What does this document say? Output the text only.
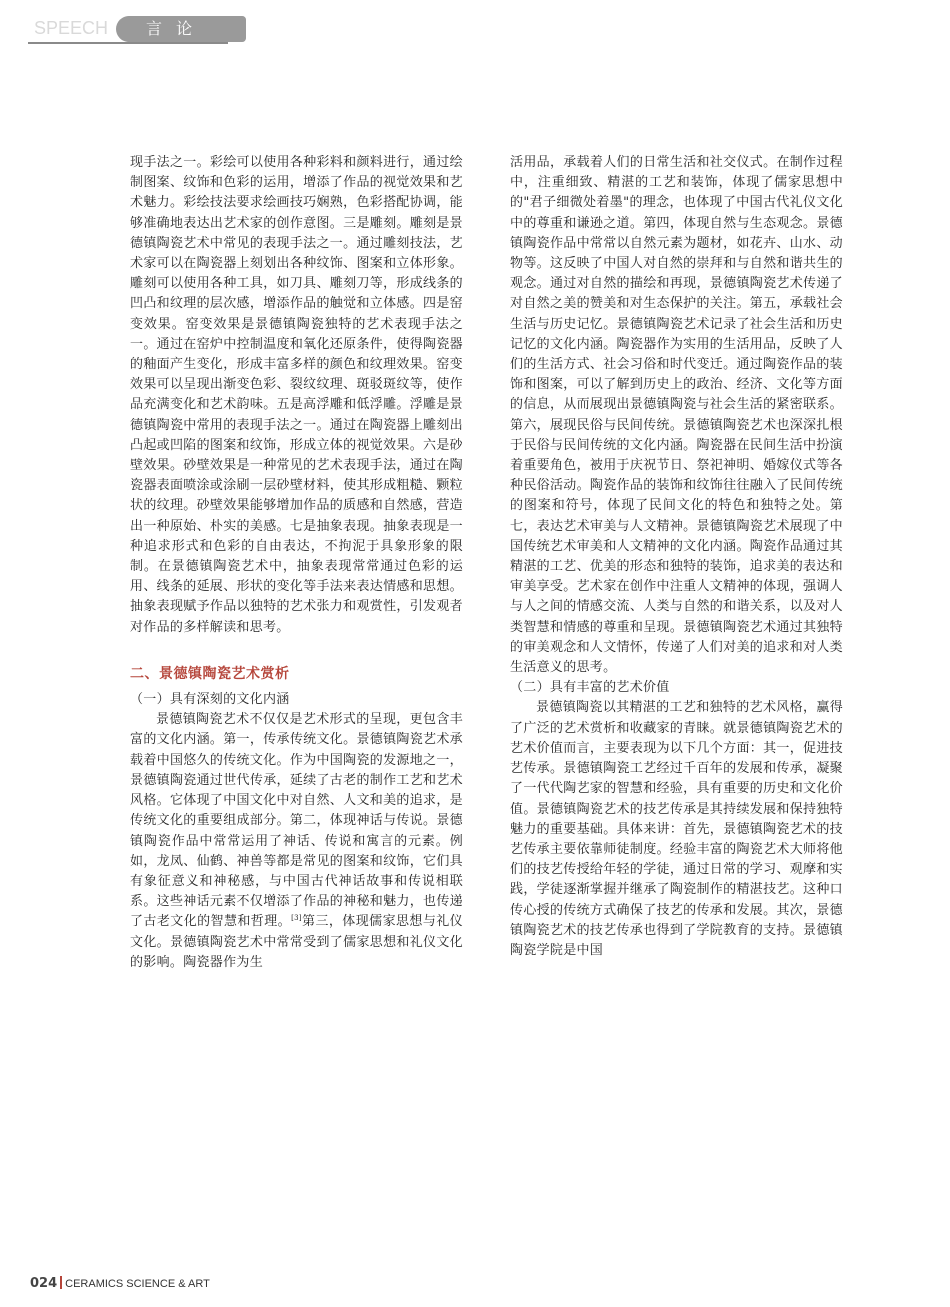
SPEECH 言论

现手法之一。彩绘可以使用各种彩料和颜料进行，通过绘制图案、纹饰和色彩的运用，增添了作品的视觉效果和艺术魅力。彩绘技法要求绘画技巧娴熟，色彩搭配协调，能够准确地表达出艺术家的创作意图。三是雕刻。雕刻是景德镇陶瓷艺术中常见的表现手法之一。通过雕刻技法，艺术家可以在陶瓷器上刻划出各种纹饰、图案和立体形象。雕刻可以使用各种工具，如刀具、雕刻刀等，形成线条的凹凸和纹理的层次感，增添作品的触觉和立体感。四是窑变效果。窑变效果是景德镇陶瓷独特的艺术表现手法之一。通过在窑炉中控制温度和氧化还原条件，使得陶瓷器的釉面产生变化，形成丰富多样的颜色和纹理效果。窑变效果可以呈现出渐变色彩、裂纹纹理、斑驳斑纹等，使作品充满变化和艺术韵味。五是高浮雕和低浮雕。浮雕是景德镇陶瓷中常用的表现手法之一。通过在陶瓷器上雕刻出凸起或凹陷的图案和纹饰，形成立体的视觉效果。六是砂壁效果。砂壁效果是一种常见的艺术表现手法，通过在陶瓷器表面喷涂或涂刷一层砂壁材料，使其形成粗糙、颗粒状的纹理。砂壁效果能够增加作品的质感和自然感，营造出一种原始、朴实的美感。七是抽象表现。抽象表现是一种追求形式和色彩的自由表达，不拘泥于具象形象的限制。在景德镇陶瓷艺术中，抽象表现常常通过色彩的运用、线条的延展、形状的变化等手法来表达情感和思想。抽象表现赋予作品以独特的艺术张力和观赏性，引发观者对作品的多样解读和思考。

二、景德镇陶瓷艺术赏析

（一）具有深刻的文化内涵

景德镇陶瓷艺术不仅仅是艺术形式的呈现，更包含丰富的文化内涵。第一，传承传统文化。景德镇陶瓷艺术承载着中国悠久的传统文化。作为中国陶瓷的发源地之一，景德镇陶瓷通过世代传承，延续了古老的制作工艺和艺术风格。它体现了中国文化中对自然、人文和美的追求，是传统文化的重要组成部分。第二，体现神话与传说。景德镇陶瓷作品中常常运用了神话、传说和寓言的元素。例如，龙凤、仙鹤、神兽等都是常见的图案和纹饰，它们具有象征意义和神秘感，与中国古代神话故事和传说相联系。这些神话元素不仅增添了作品的神秘和魅力，也传递了古老文化的智慧和哲理。[3]第三，体现儒家思想与礼仪文化。景德镇陶瓷艺术中常常受到了儒家思想和礼仪文化的影响。陶瓷器作为生

活用品，承载着人们的日常生活和社交仪式。在制作过程中，注重细致、精湛的工艺和装饰，体现了儒家思想中的"君子细微处着墨"的理念，也体现了中国古代礼仪文化中的尊重和谦逊之道。第四，体现自然与生态观念。景德镇陶瓷作品中常常以自然元素为题材，如花卉、山水、动物等。这反映了中国人对自然的崇拜和与自然和谐共生的观念。通过对自然的描绘和再现，景德镇陶瓷艺术传递了对自然之美的赞美和对生态保护的关注。第五，承载社会生活与历史记忆。景德镇陶瓷艺术记录了社会生活和历史记忆的文化内涵。陶瓷器作为实用的生活用品，反映了人们的生活方式、社会习俗和时代变迁。通过陶瓷作品的装饰和图案，可以了解到历史上的政治、经济、文化等方面的信息，从而展现出景德镇陶瓷与社会生活的紧密联系。第六，展现民俗与民间传统。景德镇陶瓷艺术也深深扎根于民俗与民间传统的文化内涵。陶瓷器在民间生活中扮演着重要角色，被用于庆祝节日、祭祀神明、婚嫁仪式等各种民俗活动。陶瓷作品的装饰和纹饰往往融入了民间传统的图案和符号，体现了民间文化的特色和独特之处。第七，表达艺术审美与人文精神。景德镇陶瓷艺术展现了中国传统艺术审美和人文精神的文化内涵。陶瓷作品通过其精湛的工艺、优美的形态和独特的装饰，追求美的表达和审美享受。艺术家在创作中注重人文精神的体现，强调人与人之间的情感交流、人类与自然的和谐关系，以及对人类智慧和情感的尊重和呈现。景德镇陶瓷艺术通过其独特的审美观念和人文情怀，传递了人们对美的追求和对人类生活意义的思考。

（二）具有丰富的艺术价值

景德镇陶瓷以其精湛的工艺和独特的艺术风格，赢得了广泛的艺术赏析和收藏家的青睐。就景德镇陶瓷艺术的艺术价值而言，主要表现为以下几个方面：其一，促进技艺传承。景德镇陶瓷工艺经过千百年的发展和传承，凝聚了一代代陶艺家的智慧和经验，具有重要的历史和文化价值。景德镇陶瓷艺术的技艺传承是其持续发展和保持独特魅力的重要基础。具体来讲：首先，景德镇陶瓷艺术的技艺传承主要依靠师徒制度。经验丰富的陶瓷艺术大师将他们的技艺传授给年轻的学徒，通过日常的学习、观摩和实践，学徒逐渐掌握并继承了陶瓷制作的精湛技艺。这种口传心授的传统方式确保了技艺的传承和发展。其次，景德镇陶瓷艺术的技艺传承也得到了学院教育的支持。景德镇陶瓷学院是中国

024 CERAMICS SCIENCE & ART
